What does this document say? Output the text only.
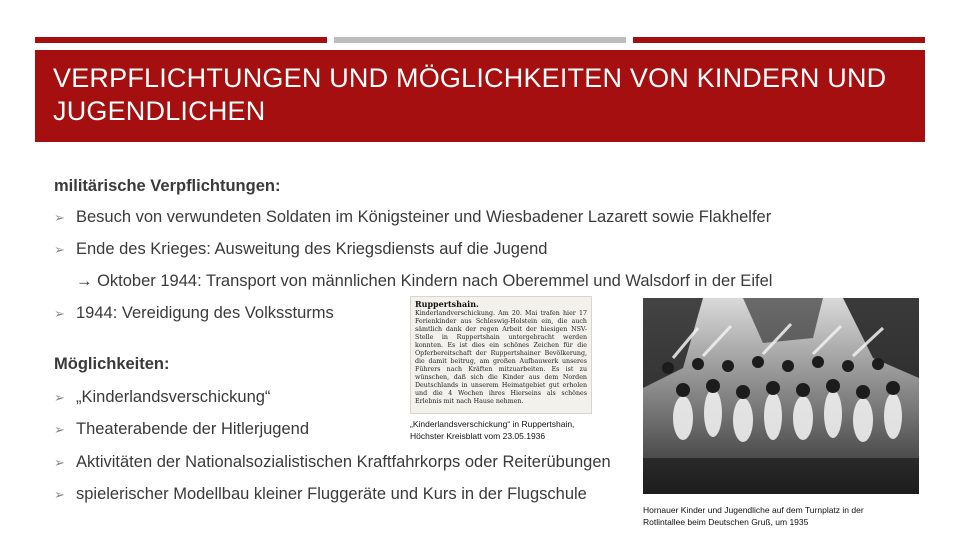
VERPFLICHTUNGEN UND MÖGLICHKEITEN VON KINDERN UND JUGENDLICHEN

militärische Verpflichtungen:

➢ Besuch von verwundeten Soldaten im Königsteiner und Wiesbadener Lazarett sowie Flakhelfer
➢ Ende des Krieges: Ausweitung des Kriegsdiensts auf die Jugend
→ Oktober 1944: Transport von männlichen Kindern nach Oberemmel und Walsdorf in der Eifel
➢ 1944: Vereidigung des Volkssturms

Möglichkeiten:

➢ „Kinderlandsverschickung“
➢ Theaterabende der Hitlerjugend
➢ Aktivitäten der Nationalsozialistischen Kraftfahrkorps oder Reiterübungen
➢ spielerischer Modellbau kleiner Fluggeräte und Kurs in der Flugschule
Ruppertshain.
Kinderlandverschickung. Am 20. Mai trafen hier 17 Ferienkinder aus Schleswig-Holstein ein, die auch sämtlich dank der regen Arbeit der hiesigen NSV-Stelle in Ruppertshain untergebracht werden konnten. Es ist dies ein schönes Zeichen für die Opferbereitschaft der Ruppertshainer Bevölkerung, die damit beitrug, am großen Aufbauwerk unseres Führers nach Kräften mitzuarbeiten. Es ist zu wünschen, daß sich die Kinder aus dem Norden Deutschlands in unserem Heimatgebiet gut erholen und die 4 Wochen ihres Hierseins als schönes Erlebnis mit nach Hause nehmen.
„Kinderlandsverschickung“ in Ruppertshain,
Höchster Kreisblatt vom 23.05.1936
Hornauer Kinder und Jugendliche auf dem Turnplatz in der
Rotlintallee beim Deutschen Gruß, um 1935
